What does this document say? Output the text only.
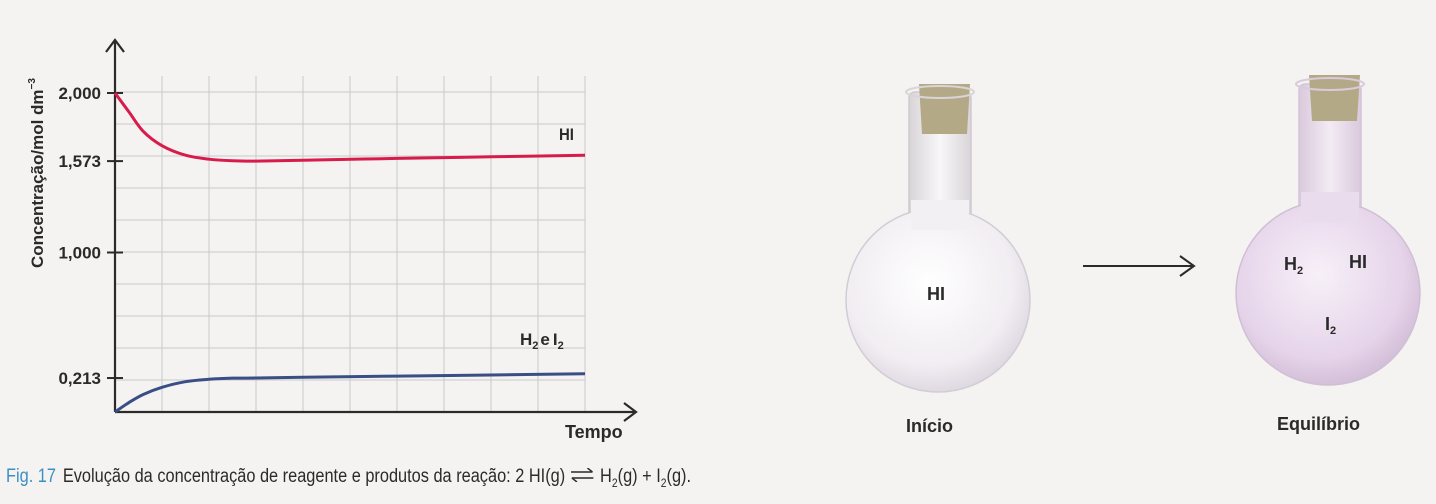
2,000
1,573
1,000
0,213
HI
$H_2$ e $I_2$
Tempo
Concentração/mol $dm^{-3}$
HI
Início
$H_2$	HI
$I_2$
Equilíbrio
Fig. 17 Evolução da concentração de reagente e produtos da reação: 2 HI(g) ⇌ $H_2(g) + I_2(g)$.
